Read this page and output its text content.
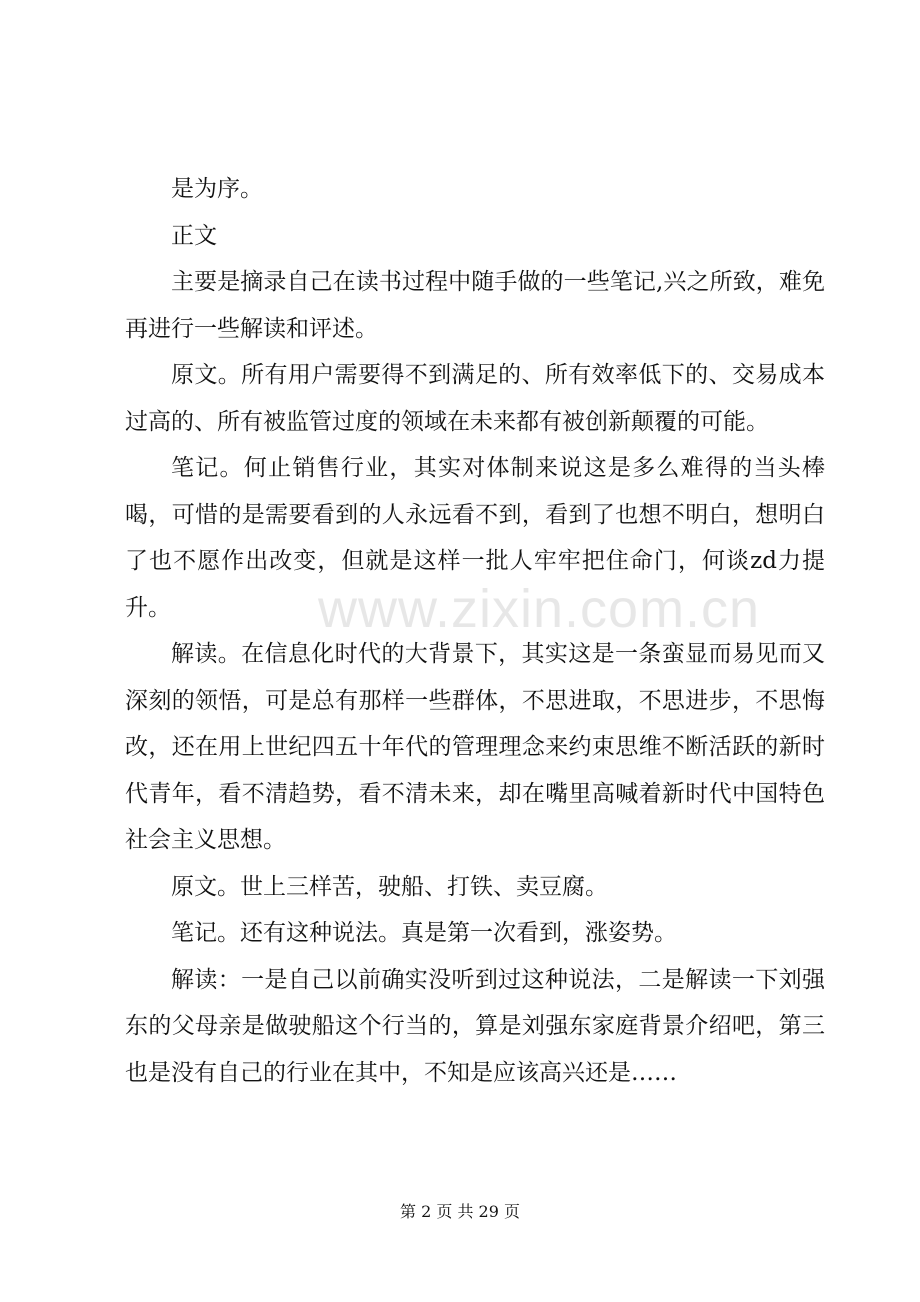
是为序。

正文

主要是摘录自己在读书过程中随手做的一些笔记,兴之所致，难免再进行一些解读和评述。

原文。所有用户需要得不到满足的、所有效率低下的、交易成本过高的、所有被监管过度的领域在未来都有被创新颠覆的可能。

笔记。何止销售行业，其实对体制来说这是多么难得的当头棒喝，可惜的是需要看到的人永远看不到，看到了也想不明白，想明白了也不愿作出改变，但就是这样一批人牢牢把住命门，何谈zd力提升。

解读。在信息化时代的大背景下，其实这是一条蛮显而易见而又深刻的领悟，可是总有那样一些群体，不思进取，不思进步，不思悔改，还在用上世纪四五十年代的管理理念来约束思维不断活跃的新时代青年，看不清趋势，看不清未来，却在嘴里高喊着新时代中国特色社会主义思想。

原文。世上三样苦，驶船、打铁、卖豆腐。

笔记。还有这种说法。真是第一次看到，涨姿势。

解读：一是自己以前确实没听到过这种说法，二是解读一下刘强东的父母亲是做驶船这个行当的，算是刘强东家庭背景介绍吧，第三也是没有自己的行业在其中，不知是应该高兴还是……

www.zixin.com.cn
第 2 页 共 29 页
